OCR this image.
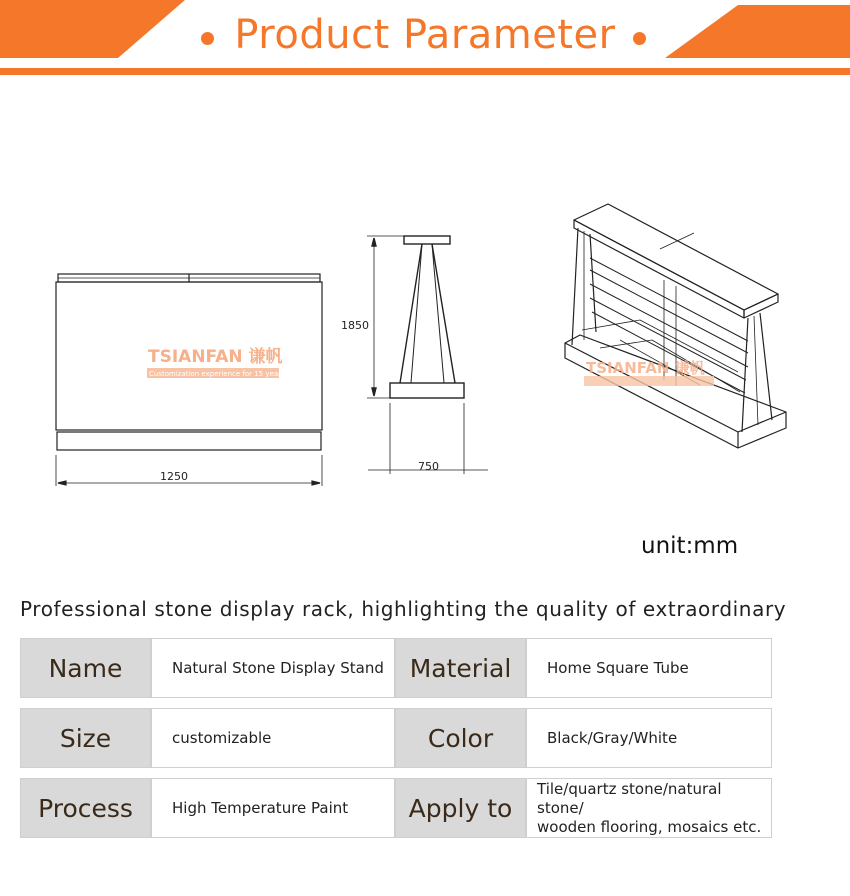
Product Parameter
1250
TSIANFAN 谦帆
Customization experience for 15 years
1850
750
TSIANFAN 谦帆
unit:mm
Professional stone display rack, highlighting the quality of extraordinary
Name	Natural Stone Display Stand	Material	Home Square Tube
Size	customizable	Color	Black/Gray/White
Process	High Temperature Paint	Apply to
Tile/quartz stone/natural stone/
wooden flooring, mosaics etc.
